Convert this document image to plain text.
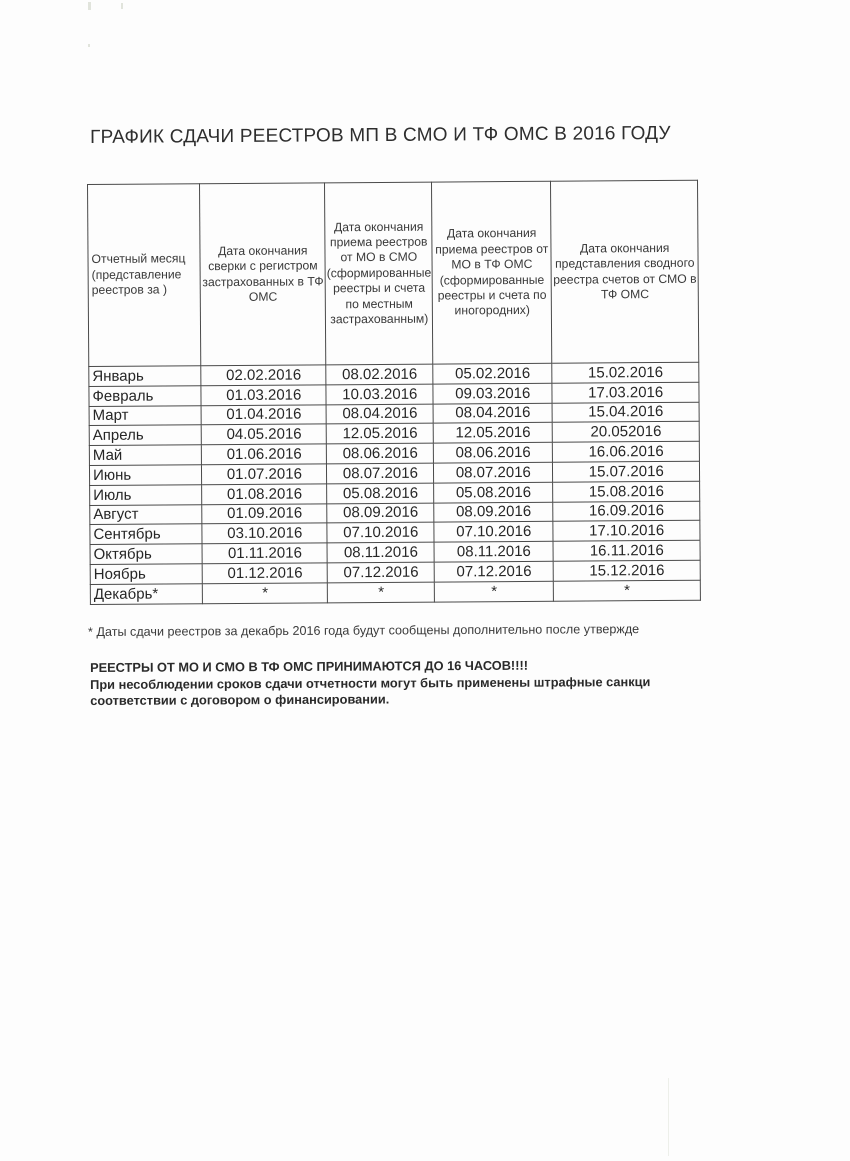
ГРАФИК СДАЧИ РЕЕСТРОВ МП В СМО И ТФ ОМС В 2016 ГОДУ
Отчетный месяц (представление реестров за )	Дата окончания сверки с регистром застрахованных в ТФ ОМС	Дата окончания приема реестров от МО в СМО (сформированные реестры и счета по местным застрахованным)	Дата окончания приема реестров от МО в ТФ ОМС (сформированные реестры и счета по иногородних)	Дата окончания представления сводного реестра счетов от СМО в ТФ ОМС
Январь	02.02.2016	08.02.2016	05.02.2016	15.02.2016
Февраль	01.03.2016	10.03.2016	09.03.2016	17.03.2016
Март	01.04.2016	08.04.2016	08.04.2016	15.04.2016
Апрель	04.05.2016	12.05.2016	12.05.2016	20.052016
Май	01.06.2016	08.06.2016	08.06.2016	16.06.2016
Июнь	01.07.2016	08.07.2016	08.07.2016	15.07.2016
Июль	01.08.2016	05.08.2016	05.08.2016	15.08.2016
Август	01.09.2016	08.09.2016	08.09.2016	16.09.2016
Сентябрь	03.10.2016	07.10.2016	07.10.2016	17.10.2016
Октябрь	01.11.2016	08.11.2016	08.11.2016	16.11.2016
Ноябрь	01.12.2016	07.12.2016	07.12.2016	15.12.2016
Декабрь*	*	*	*	*
* Даты сдачи реестров за декабрь 2016 года будут сообщены дополнительно после утвержде
РЕЕСТРЫ ОТ МО И СМО В ТФ ОМС ПРИНИМАЮТСЯ ДО 16 ЧАСОВ!!!!
При несоблюдении сроков сдачи отчетности могут быть применены штрафные санкци
соответствии с договором о финансировании.
